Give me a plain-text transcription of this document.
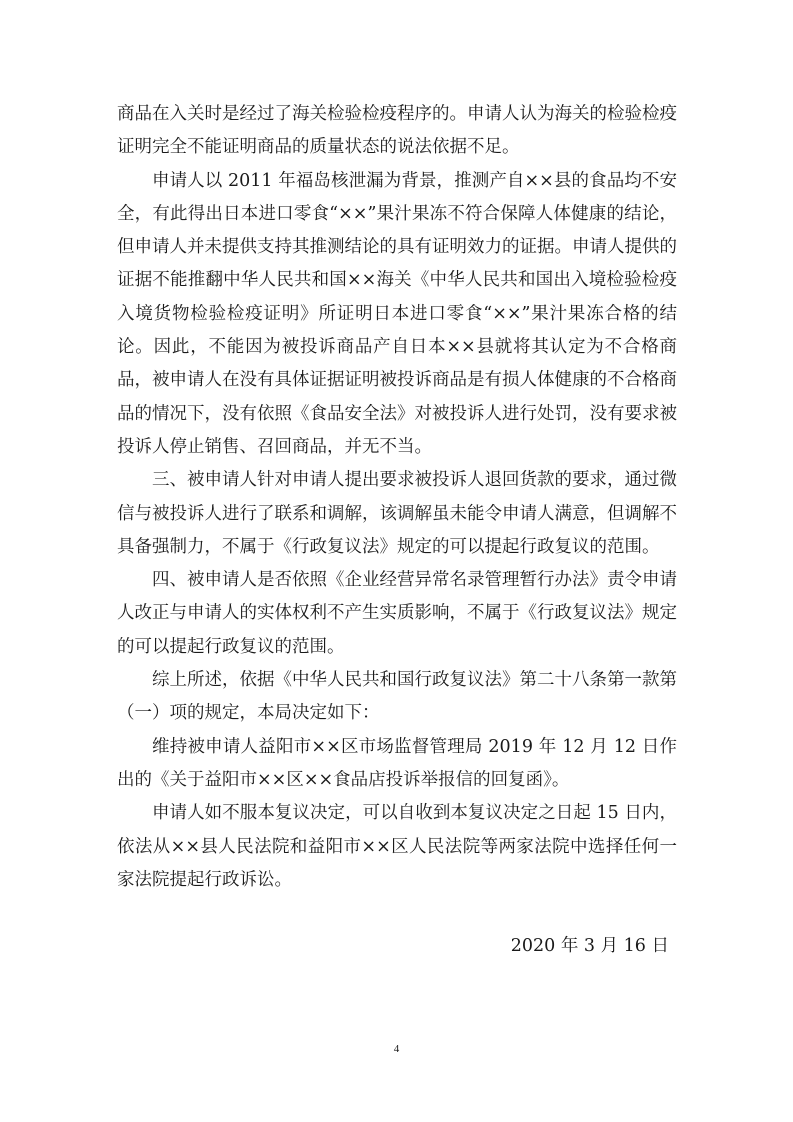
商品在入关时是经过了海关检验检疫程序的。申请人认为海关的检验检疫证明完全不能证明商品的质量状态的说法依据不足。

申请人以 2011 年福岛核泄漏为背景，推测产自××县的食品均不安全，有此得出日本进口零食“××”果汁果冻不符合保障人体健康的结论，但申请人并未提供支持其推测结论的具有证明效力的证据。申请人提供的证据不能推翻中华人民共和国××海关《中华人民共和国出入境检验检疫入境货物检验检疫证明》所证明日本进口零食“××”果汁果冻合格的结论。因此，不能因为被投诉商品产自日本××县就将其认定为不合格商品，被申请人在没有具体证据证明被投诉商品是有损人体健康的不合格商品的情况下，没有依照《食品安全法》对被投诉人进行处罚，没有要求被投诉人停止销售、召回商品，并无不当。

三、被申请人针对申请人提出要求被投诉人退回货款的要求，通过微信与被投诉人进行了联系和调解，该调解虽未能令申请人满意，但调解不具备强制力，不属于《行政复议法》规定的可以提起行政复议的范围。

四、被申请人是否依照《企业经营异常名录管理暂行办法》责令申请人改正与申请人的实体权利不产生实质影响，不属于《行政复议法》规定的可以提起行政复议的范围。

综上所述，依据《中华人民共和国行政复议法》第二十八条第一款第（一）项的规定，本局决定如下：

维持被申请人益阳市××区市场监督管理局 2019 年 12 月 12 日作出的《关于益阳市××区××食品店投诉举报信的回复函》。

申请人如不服本复议决定，可以自收到本复议决定之日起 15 日内，依法从××县人民法院和益阳市××区人民法院等两家法院中选择任何一家法院提起行政诉讼。

2020 年 3 月 16 日
4
